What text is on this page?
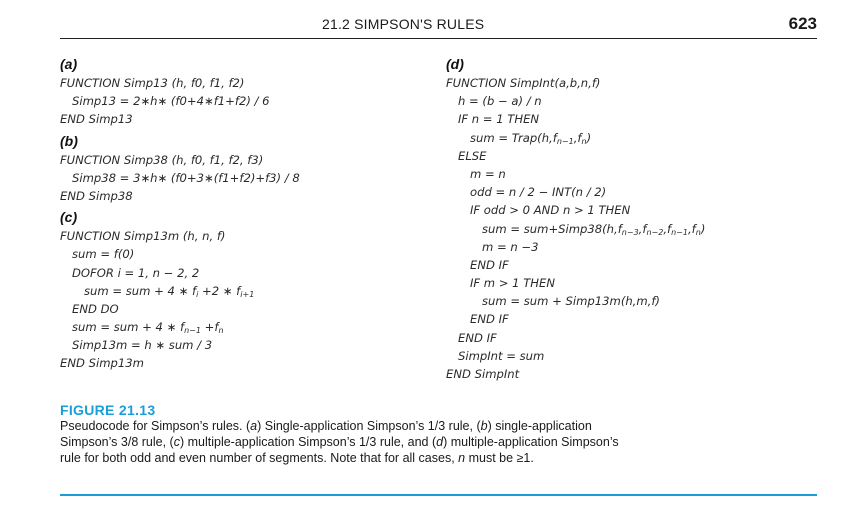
21.2 SIMPSON'S RULES	623
(a)
FUNCTION Simp13 (h, f0, f1, f2)
Simp13 = 2∗h∗ (f0+4∗f1+f2) / 6
END Simp13
(b)
FUNCTION Simp38 (h, f0, f1, f2, f3)
Simp38 = 3∗h∗ (f0+3∗(f1+f2)+f3) / 8
END Simp38
(c)
FUNCTION Simp13m (h, n, f)
sum = f(0)
DOFOR i = 1, n − 2, 2
sum = sum + 4 ∗ $f_i +2$ ∗ $f_{i+1}$
END DO
sum = sum + 4 ∗ $f_{n-1} +f_n$
Simp13m = h ∗ sum / 3
END Simp13m
(d)
FUNCTION SimpInt(a,b,n,f)
h = (b − a) / n
IF n = 1 THEN
sum = $Trap(h,f_{n-1},f_n)$
ELSE
m = n
odd = n / 2 − INT(n / 2)
IF odd > 0 AND n > 1 THEN
sum = $sum+Simp38(h,f_{n-3},f_{n-2},f_{n-1},f_n)$
m = n −3
END IF
IF m > 1 THEN
sum = sum + Simp13m(h,m,f)
END IF
END IF
SimpInt = sum
END SimpInt
FIGURE 21.13
Pseudocode for Simpson’s rules. (a) Single-application Simpson’s 1/3 rule, (b) single-application Simpson’s 3/8 rule, (c) multiple-application Simpson’s 1/3 rule, and (d) multiple-application Simpson’s rule for both odd and even number of segments. Note that for all cases, n must be ≥1.
